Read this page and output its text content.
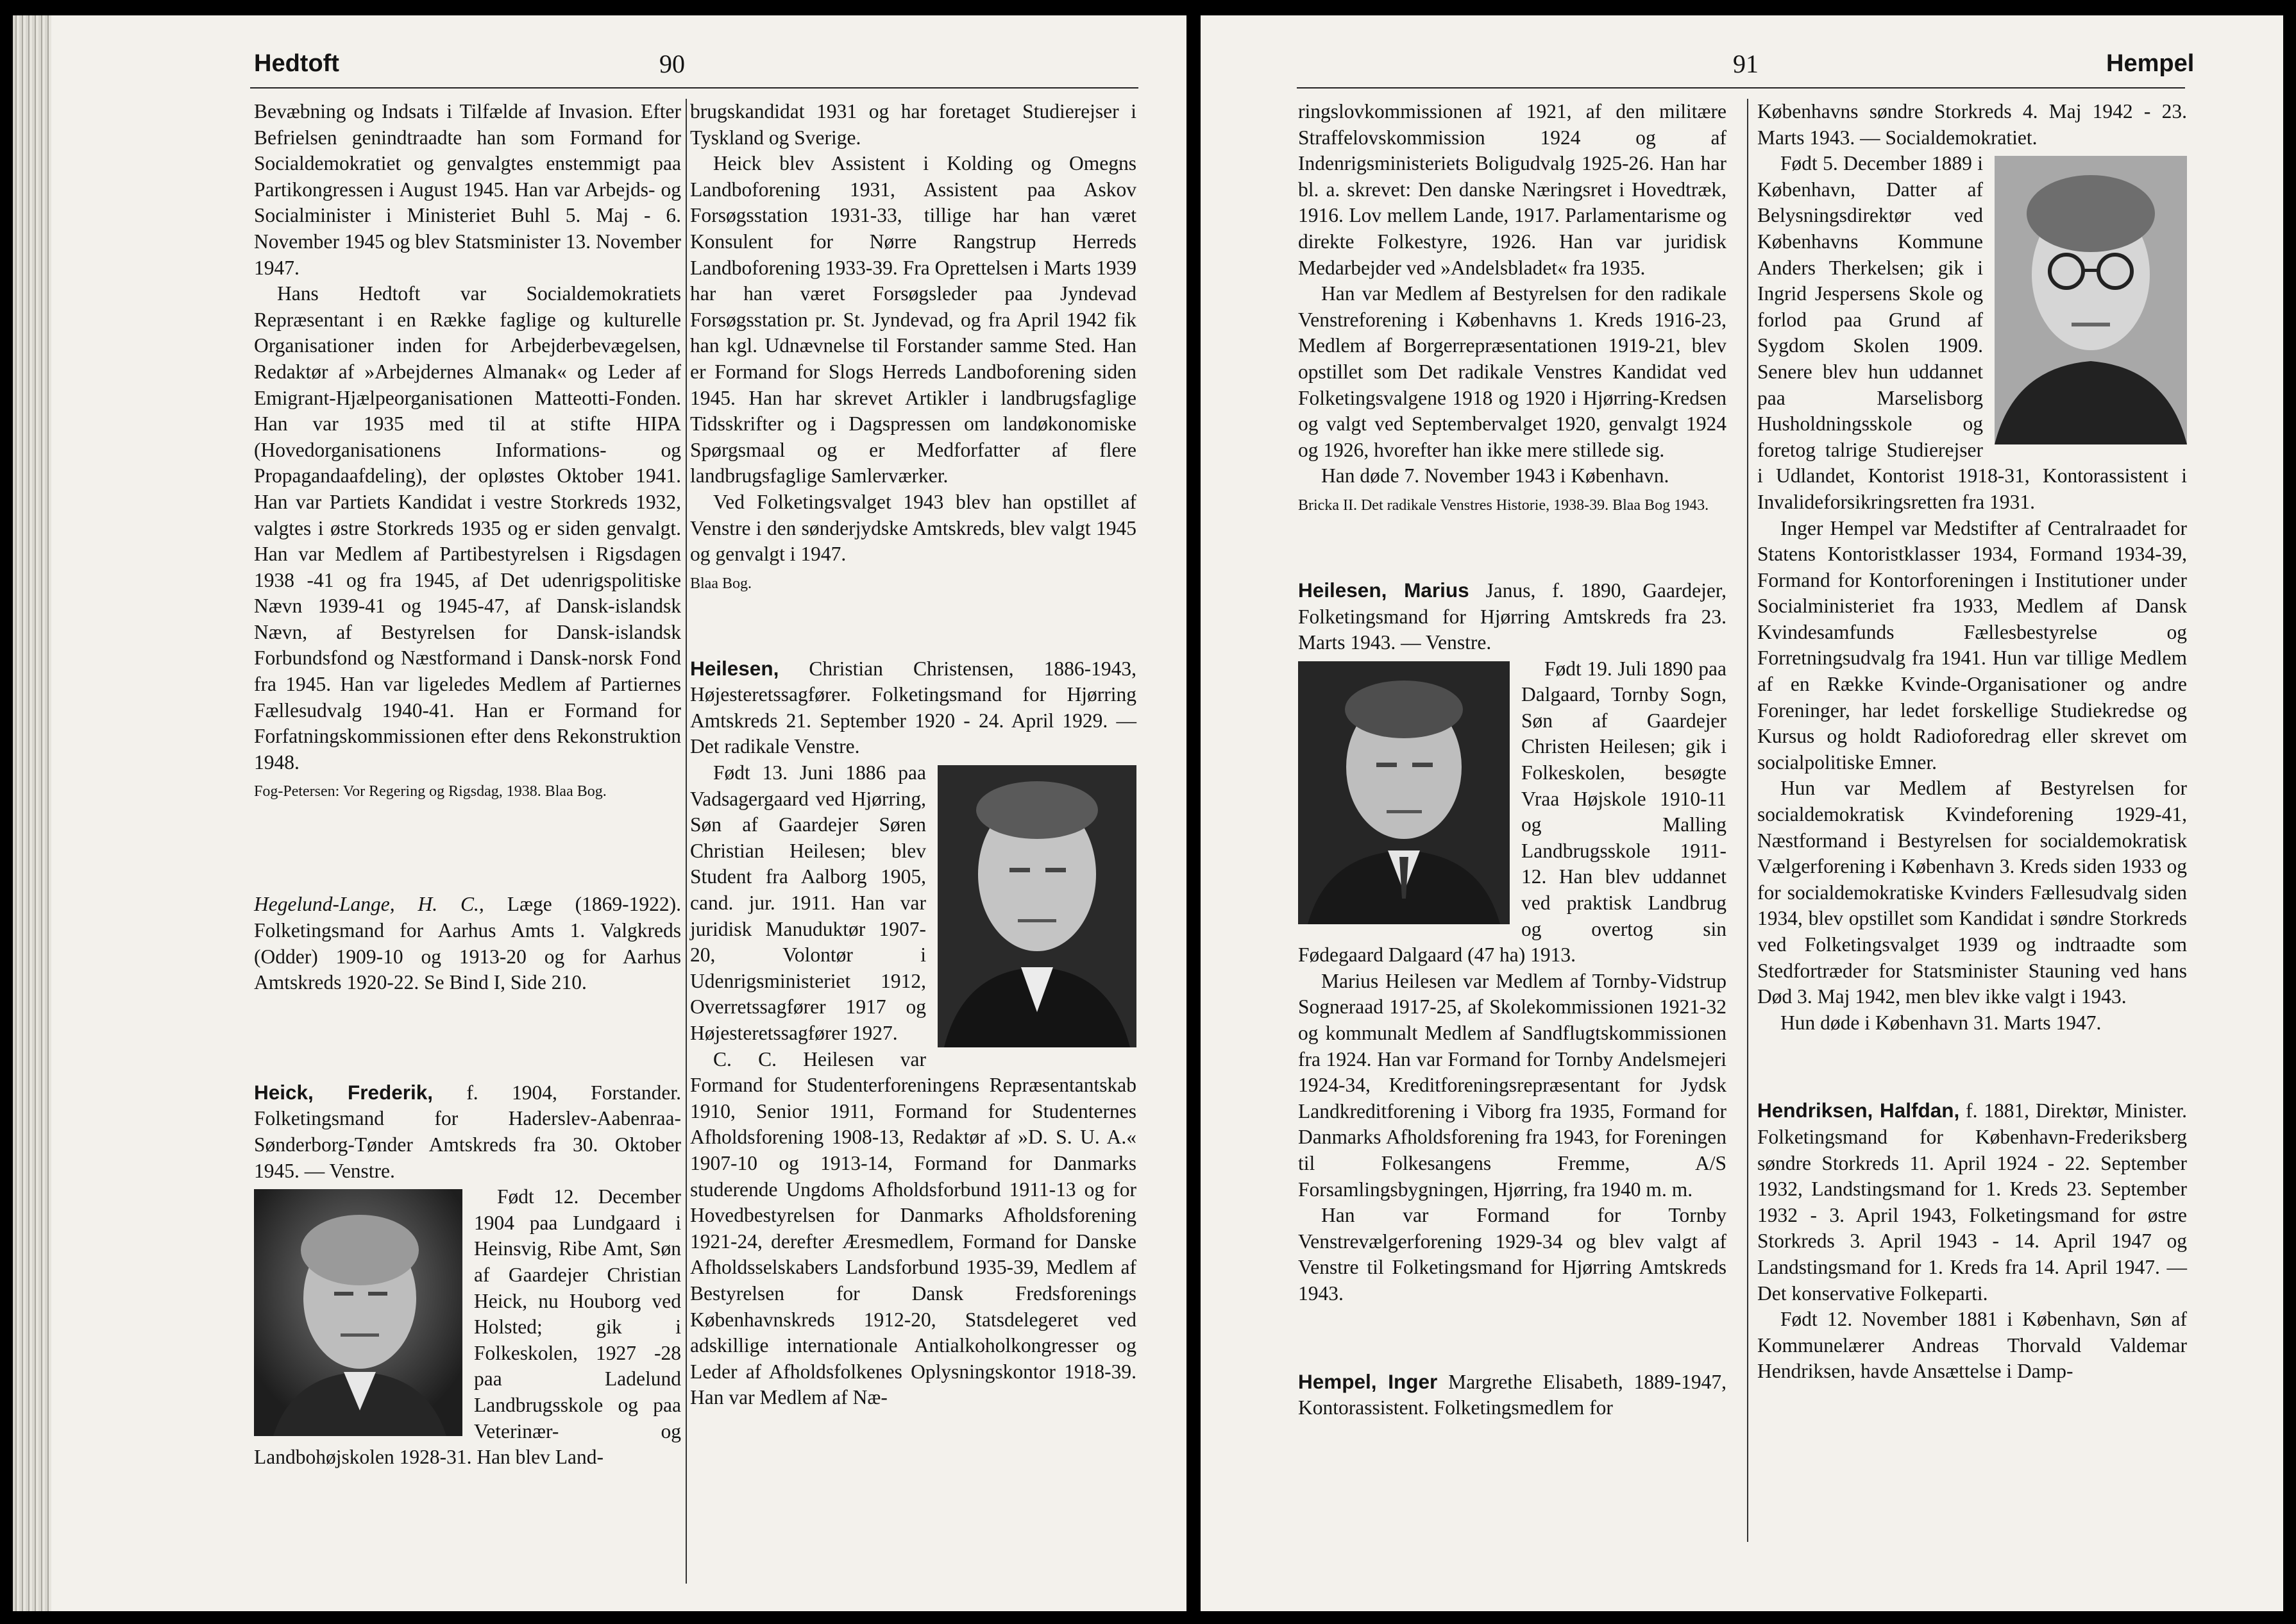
Hedtoft	90

Bevæbning og Indsats i Tilfælde af Invasion. Efter Befrielsen genindtraadte han som Formand for Socialdemokratiet og genvalgtes enstemmigt paa Partikongressen i August 1945. Han var Arbejds- og Socialminister i Ministeriet Buhl 5. Maj - 6. November 1945 og blev Statsminister 13. November 1947.

Hans Hedtoft var Socialdemokratiets Repræsentant i en Række faglige og kulturelle Organisationer inden for Arbejderbevægelsen, Redaktør af »Arbejdernes Almanak« og Leder af Emigrant-Hjælpeorganisationen Matteotti-Fonden. Han var 1935 med til at stifte HIPA (Hovedorganisationens Informations- og Propagandaafdeling), der opløstes Oktober 1941. Han var Partiets Kandidat i vestre Storkreds 1932, valgtes i østre Storkreds 1935 og er siden genvalgt. Han var Medlem af Partibestyrelsen i Rigsdagen 1938 -41 og fra 1945, af Det udenrigspolitiske Nævn 1939-41 og 1945-47, af Dansk-islandsk Nævn, af Bestyrelsen for Dansk-islandsk Forbundsfond og Næstformand i Dansk-norsk Fond fra 1945. Han var ligeledes Medlem af Partiernes Fællesudvalg 1940-41. Han er Formand for Forfatningskommissionen efter dens Rekonstruktion 1948.

Fog-Petersen: Vor Regering og Rigsdag, 1938. Blaa Bog.

Hegelund-Lange, H. C., Læge (1869-1922). Folketingsmand for Aarhus Amts 1. Valgkreds (Odder) 1909-10 og 1913-20 og for Aarhus Amtskreds 1920-22. Se Bind I, Side 210.

Heick, Frederik, f. 1904, Forstander. Folketingsmand for Haderslev-Aabenraa-Sønderborg-Tønder Amtskreds fra 30. Oktober 1945. — Venstre.

Født 12. December 1904 paa Lundgaard i Heinsvig, Ribe Amt, Søn af Gaardejer Christian Heick, nu Houborg ved Holsted; gik i Folkeskolen, 1927 -28 paa Ladelund Landbrugsskole og paa Veterinær- og Landbohøjskolen 1928-31. Han blev Land-

brugskandidat 1931 og har foretaget Studierejser i Tyskland og Sverige.

Heick blev Assistent i Kolding og Omegns Landboforening 1931, Assistent paa Askov Forsøgsstation 1931-33, tillige har han været Konsulent for Nørre Rangstrup Herreds Landboforening 1933-39. Fra Oprettelsen i Marts 1939 har han været Forsøgsleder paa Jyndevad Forsøgsstation pr. St. Jyndevad, og fra April 1942 fik han kgl. Udnævnelse til Forstander samme Sted. Han er Formand for Slogs Herreds Landboforening siden 1945. Han har skrevet Artikler i landbrugsfaglige Tidsskrifter og i Dagspressen om landøkonomiske Spørgsmaal og er Medforfatter af flere landbrugsfaglige Samlerværker.

Ved Folketingsvalget 1943 blev han opstillet af Venstre i den sønderjydske Amtskreds, blev valgt 1945 og genvalgt i 1947.

Blaa Bog.

Heilesen, Christian Christensen, 1886-1943, Højesteretssagfører. Folketingsmand for Hjørring Amtskreds 21. September 1920 - 24. April 1929. — Det radikale Venstre.

Født 13. Juni 1886 paa Vadsagergaard ved Hjørring, Søn af Gaardejer Søren Christian Heilesen; blev Student fra Aalborg 1905, cand. jur. 1911. Han var juridisk Manuduktør 1907-20, Volontør i Udenrigsministeriet 1912, Overretssagfører 1917 og Højesteretssagfører 1927.

C. C. Heilesen var Formand for Studenterforeningens Repræsentantskab 1910, Senior 1911, Formand for Studenternes Afholdsforening 1908-13, Redaktør af »D. S. U. A.« 1907-10 og 1913-14, Formand for Danmarks studerende Ungdoms Afholdsforbund 1911-13 og for Hovedbestyrelsen for Danmarks Afholdsforening 1921-24, derefter Æresmedlem, Formand for Danske Afholdsselskabers Landsforbund 1935-39, Medlem af Bestyrelsen for Dansk Fredsforenings Københavnskreds 1912-20, Statsdelegeret ved adskillige internationale Antialkoholkongresser og Leder af Afholdsfolkenes Oplysningskontor 1918-39. Han var Medlem af Næ-

91	Hempel

ringslovkommissionen af 1921, af den militære Straffelovskommission 1924 og af Indenrigsministeriets Boligudvalg 1925-26. Han har bl. a. skrevet: Den danske Næringsret i Hovedtræk, 1916. Lov mellem Lande, 1917. Parlamentarisme og direkte Folkestyre, 1926. Han var juridisk Medarbejder ved »Andelsbladet« fra 1935.

Han var Medlem af Bestyrelsen for den radikale Venstreforening i Københavns 1. Kreds 1916-23, Medlem af Borgerrepræsentationen 1919-21, blev opstillet som Det radikale Venstres Kandidat ved Folketingsvalgene 1918 og 1920 i Hjørring-Kredsen og valgt ved Septembervalget 1920, genvalgt 1924 og 1926, hvorefter han ikke mere stillede sig.

Han døde 7. November 1943 i København.

Bricka II. Det radikale Venstres Historie, 1938-39. Blaa Bog 1943.

Heilesen, Marius Janus, f. 1890, Gaardejer, Folketingsmand for Hjørring Amtskreds fra 23. Marts 1943. — Venstre.

Født 19. Juli 1890 paa Dalgaard, Tornby Sogn, Søn af Gaardejer Christen Heilesen; gik i Folkeskolen, besøgte Vraa Højskole 1910-11 og Malling Landbrugsskole 1911-12. Han blev uddannet ved praktisk Landbrug og overtog sin Fødegaard Dalgaard (47 ha) 1913.

Marius Heilesen var Medlem af Tornby-Vidstrup Sogneraad 1917-25, af Skolekommissionen 1921-32 og kommunalt Medlem af Sandflugtskommissionen fra 1924. Han var Formand for Tornby Andelsmejeri 1924-34, Kreditforeningsrepræsentant for Jydsk Landkreditforening i Viborg fra 1935, Formand for Danmarks Afholdsforening fra 1943, for Foreningen til Folkesangens Fremme, A/S Forsamlingsbygningen, Hjørring, fra 1940 m. m.

Han var Formand for Tornby Venstrevælgerforening 1929-34 og blev valgt af Venstre til Folketingsmand for Hjørring Amtskreds 1943.

Hempel, Inger Margrethe Elisabeth, 1889-1947, Kontorassistent. Folketingsmedlem for

Københavns søndre Storkreds 4. Maj 1942 - 23. Marts 1943. — Socialdemokratiet.

Født 5. December 1889 i København, Datter af Belysningsdirektør ved Københavns Kommune Anders Therkelsen; gik i Ingrid Jespersens Skole og forlod paa Grund af Sygdom Skolen 1909. Senere blev hun uddannet paa Marselisborg Husholdningsskole og foretog talrige Studierejser i Udlandet, Kontorist 1918-31, Kontorassistent i Invalideforsikringsretten fra 1931.

Inger Hempel var Medstifter af Centralraadet for Statens Kontoristklasser 1934, Formand 1934-39, Formand for Kontorforeningen i Institutioner under Socialministeriet fra 1933, Medlem af Dansk Kvindesamfunds Fællesbestyrelse og Forretningsudvalg fra 1941. Hun var tillige Medlem af en Række Kvinde-Organisationer og andre Foreninger, har ledet forskellige Studiekredse og Kursus og holdt Radioforedrag eller skrevet om socialpolitiske Emner.

Hun var Medlem af Bestyrelsen for socialdemokratisk Kvindeforening 1929-41, Næstformand i Bestyrelsen for socialdemokratisk Vælgerforening i København 3. Kreds siden 1933 og for socialdemokratiske Kvinders Fællesudvalg siden 1934, blev opstillet som Kandidat i søndre Storkreds ved Folketingsvalget 1939 og indtraadte som Stedfortræder for Statsminister Stauning ved hans Død 3. Maj 1942, men blev ikke valgt i 1943.

Hun døde i København 31. Marts 1947.

Hendriksen, Halfdan, f. 1881, Direktør, Minister. Folketingsmand for København-Frederiksberg søndre Storkreds 11. April 1924 - 22. September 1932, Landstingsmand for 1. Kreds 23. September 1932 - 3. April 1943, Folketingsmand for østre Storkreds 3. April 1943 - 14. April 1947 og Landstingsmand for 1. Kreds fra 14. April 1947. — Det konservative Folkeparti.

Født 12. November 1881 i København, Søn af Kommunelærer Andreas Thorvald Valdemar Hendriksen, havde Ansættelse i Damp-
